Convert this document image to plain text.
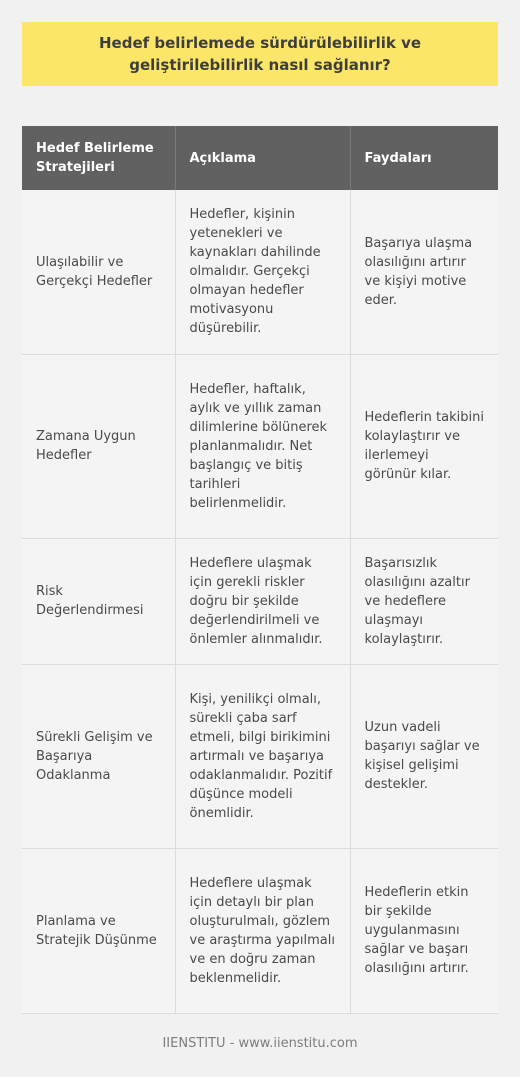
Hedef belirlemede sürdürülebilirlik ve geliştirilebilirlik nasıl sağlanır?
Hedef Belirleme Stratejileri	Açıklama	Faydaları
Ulaşılabilir ve Gerçekçi Hedefler	Hedefler, kişinin yetenekleri ve kaynakları dahilinde olmalıdır. Gerçekçi olmayan hedefler motivasyonu düşürebilir.	Başarıya ulaşma olasılığını artırır ve kişiyi motive eder.
Zamana Uygun Hedefler	Hedefler, haftalık, aylık ve yıllık zaman dilimlerine bölünerek planlanmalıdır. Net başlangıç ve bitiş tarihleri belirlenmelidir.	Hedeflerin takibini kolaylaştırır ve ilerlemeyi görünür kılar.
Risk Değerlendirmesi	Hedeflere ulaşmak için gerekli riskler doğru bir şekilde değerlendirilmeli ve önlemler alınmalıdır.	Başarısızlık olasılığını azaltır ve hedeflere ulaşmayı kolaylaştırır.
Sürekli Gelişim ve Başarıya Odaklanma	Kişi, yenilikçi olmalı, sürekli çaba sarf etmeli, bilgi birikimini artırmalı ve başarıya odaklanmalıdır. Pozitif düşünce modeli önemlidir.	Uzun vadeli başarıyı sağlar ve kişisel gelişimi destekler.
Planlama ve Stratejik Düşünme	Hedeflere ulaşmak için detaylı bir plan oluşturulmalı, gözlem ve araştırma yapılmalı ve en doğru zaman beklenmelidir.	Hedeflerin etkin bir şekilde uygulanmasını sağlar ve başarı olasılığını artırır.
IIENSTITU - www.iienstitu.com
